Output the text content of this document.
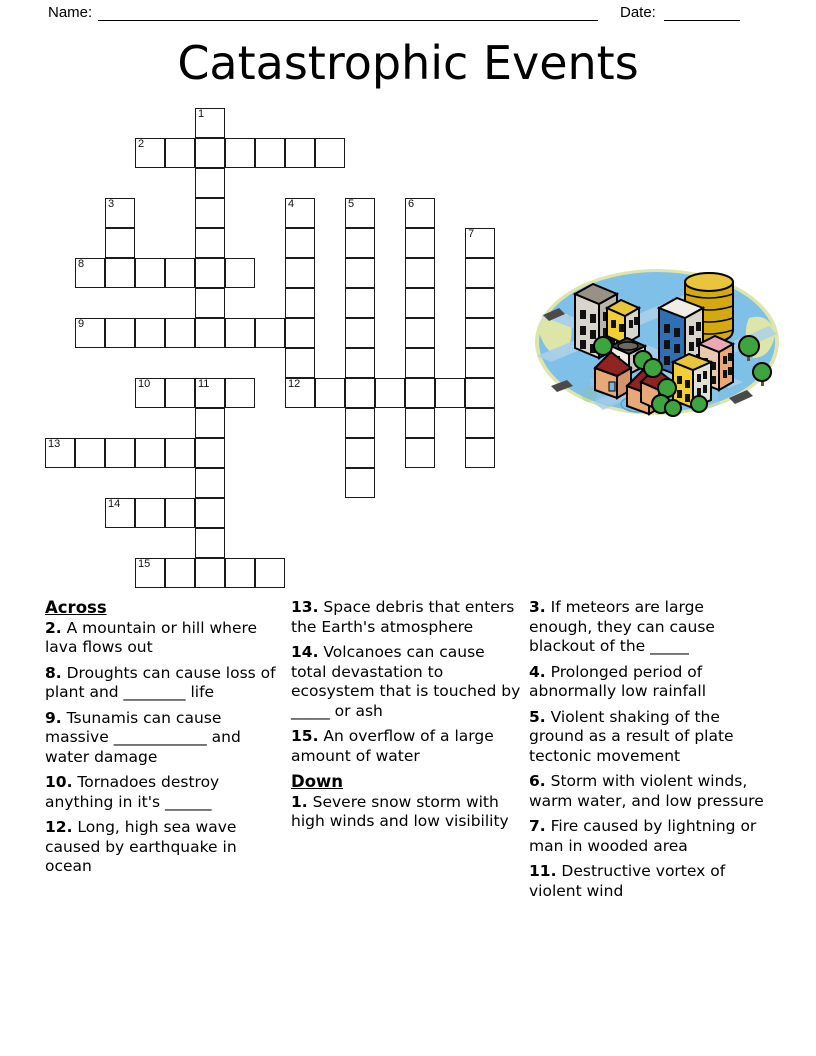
Name:	Date:
Catastrophic Events
1
2
3	4	5	6
7
8
9
10	11	12
13
14
15
Across
2. A mountain or hill where lava flows out
8. Droughts can cause loss of plant and ________ life
9. Tsunamis can cause massive ____________ and water damage
10. Tornadoes destroy anything in it's ______
12. Long, high sea wave caused by earthquake in ocean
13. Space debris that enters the Earth's atmosphere
14. Volcanoes can cause total devastation to ecosystem that is touched by _____ or ash
15. An overflow of a large amount of water
Down
1. Severe snow storm with high winds and low visibility
3. If meteors are large enough, they can cause blackout of the _____
4. Prolonged period of abnormally low rainfall
5. Violent shaking of the ground as a result of plate tectonic movement
6. Storm with violent winds, warm water, and low pressure
7. Fire caused by lightning or man in wooded area
11. Destructive vortex of violent wind
